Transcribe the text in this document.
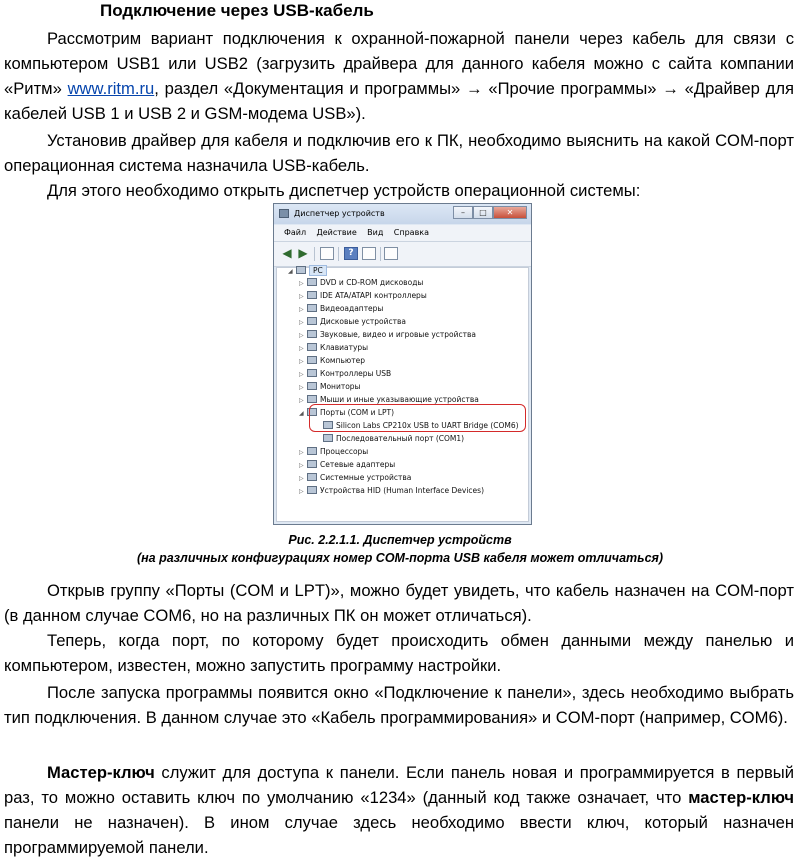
Подключение через USB-кабель
Рассмотрим вариант подключения к охранной-пожарной панели через кабель для связи с компьютером USB1 или USB2 (загрузить драйвера для данного кабеля можно с сайта компании «Ритм» www.ritm.ru, раздел «Документация и программы» → «Прочие программы» → «Драйвер для кабелей USB 1 и USB 2 и GSM-модема USB»).
Установив драйвер для кабеля и подключив его к ПК, необходимо выяснить на какой COM-порт операционная система назначила USB-кабель.
Для этого необходимо открыть диспетчер устройств операционной системы:
Диспетчер устройств	–	□	✕
Файл Действие Вид Справка
◀ ▶	?
◢	PC
▷ DVD и CD-ROM дисководы
▷ IDE ATA/ATAPI контроллеры
▷ Видеоадаптеры
▷ Дисковые устройства
▷ Звуковые, видео и игровые устройства
▷ Клавиатуры
▷ Компьютер
▷ Контроллеры USB
▷ Мониторы
▷ Мыши и иные указывающие устройства
◢ Порты (COM и LPT)
Silicon Labs CP210x USB to UART Bridge (COM6)
Последовательный порт (COM1)
▷ Процессоры
▷ Сетевые адаптеры
▷ Системные устройства
▷ Устройства HID (Human Interface Devices)
Рис. 2.2.1.1. Диспетчер устройств
(на различных конфигурациях номер COM-порта USB кабеля может отличаться)
Открыв группу «Порты (COM и LPT)», можно будет увидеть, что кабель назначен на COM-порт (в данном случае COM6, но на различных ПК он может отличаться).
Теперь, когда порт, по которому будет происходить обмен данными между панелью и компьютером, известен, можно запустить программу настройки.
После запуска программы появится окно «Подключение к панели», здесь необходимо выбрать тип подключения. В данном случае это «Кабель программирования» и COM-порт (например, COM6).
Мастер-ключ служит для доступа к панели. Если панель новая и программируется в первый раз, то можно оставить ключ по умолчанию «1234» (данный код также означает, что мастер-ключ панели не назначен). В ином случае здесь необходимо ввести ключ, который назначен программируемой панели.
